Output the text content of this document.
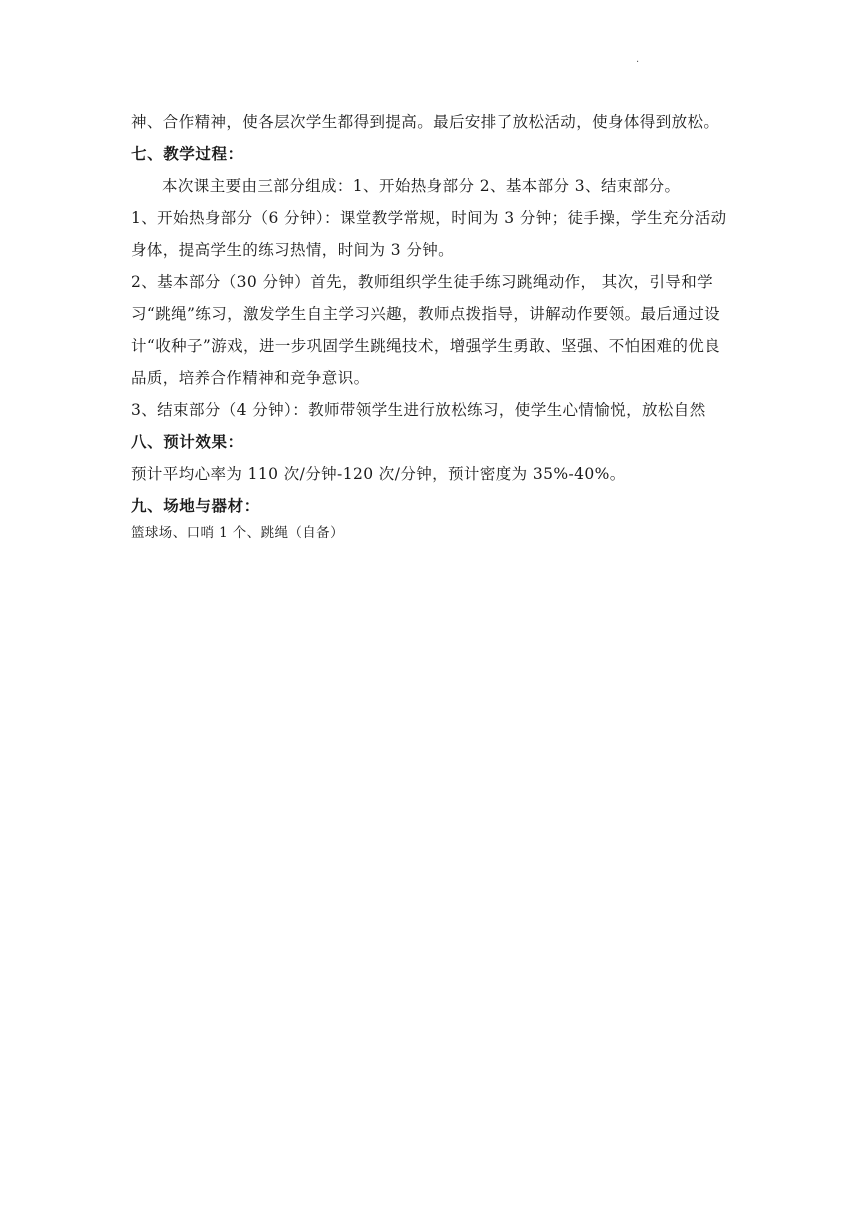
·

神、合作精神，使各层次学生都得到提高。最后安排了放松活动，使身体得到放松。

七、教学过程：

本次课主要由三部分组成：1、开始热身部分 2、基本部分 3、结束部分。

1、开始热身部分（6 分钟）：课堂教学常规，时间为 3 分钟；徒手操，学生充分活动身体，提高学生的练习热情，时间为 3 分钟。

2、基本部分（30 分钟）首先，教师组织学生徒手练习跳绳动作， 其次，引导和学习“跳绳”练习，激发学生自主学习兴趣，教师点拨指导，讲解动作要领。最后通过设计“收种子”游戏，进一步巩固学生跳绳技术，增强学生勇敢、坚强、不怕困难的优良品质，培养合作精神和竞争意识。

3、结束部分（4 分钟）：教师带领学生进行放松练习，使学生心情愉悦，放松自然

八、预计效果：

预计平均心率为 110 次/分钟-120 次/分钟，预计密度为 35%-40%。

九、场地与器材：

篮球场、口哨 1 个、跳绳（自备）
